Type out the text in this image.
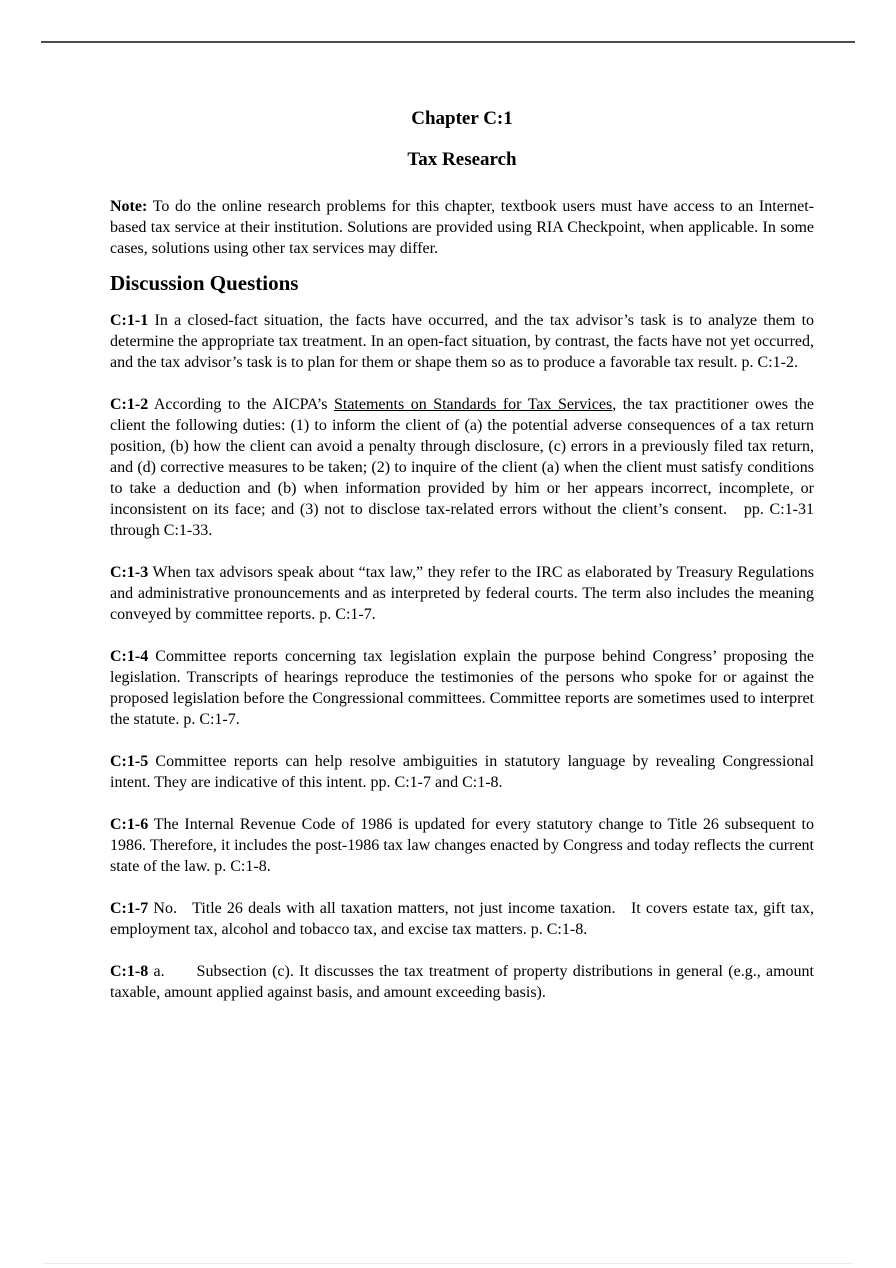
Chapter C:1
Tax Research

Note: To do the online research problems for this chapter, textbook users must have access to an Internet-based tax service at their institution. Solutions are provided using RIA Checkpoint, when applicable. In some cases, solutions using other tax services may differ.

Discussion Questions

C:1-1 In a closed-fact situation, the facts have occurred, and the tax advisor’s task is to analyze them to determine the appropriate tax treatment. In an open-fact situation, by contrast, the facts have not yet occurred, and the tax advisor’s task is to plan for them or shape them so as to produce a favorable tax result. p. C:1-2.

C:1-2 According to the AICPA’s Statements on Standards for Tax Services, the tax practitioner owes the client the following duties: (1) to inform the client of (a) the potential adverse consequences of a tax return position, (b) how the client can avoid a penalty through disclosure, (c) errors in a previously filed tax return, and (d) corrective measures to be taken; (2) to inquire of the client (a) when the client must satisfy conditions to take a deduction and (b) when information provided by him or her appears incorrect, incomplete, or inconsistent on its face; and (3) not to disclose tax-related errors without the client’s consent.   pp. C:1-31 through C:1-33.

C:1-3 When tax advisors speak about “tax law,” they refer to the IRC as elaborated by Treasury Regulations and administrative pronouncements and as interpreted by federal courts. The term also includes the meaning conveyed by committee reports. p. C:1-7.

C:1-4 Committee reports concerning tax legislation explain the purpose behind Congress’ proposing the legislation. Transcripts of hearings reproduce the testimonies of the persons who spoke for or against the proposed legislation before the Congressional committees. Committee reports are sometimes used to interpret the statute. p. C:1-7.

C:1-5 Committee reports can help resolve ambiguities in statutory language by revealing Congressional intent. They are indicative of this intent. pp. C:1-7 and C:1-8.

C:1-6 The Internal Revenue Code of 1986 is updated for every statutory change to Title 26 subsequent to 1986. Therefore, it includes the post-1986 tax law changes enacted by Congress and today reflects the current state of the law. p. C:1-8.

C:1-7 No.   Title 26 deals with all taxation matters, not just income taxation.   It covers estate tax, gift tax, employment tax, alcohol and tobacco tax, and excise tax matters. p. C:1-8.

C:1-8 a.      Subsection (c). It discusses the tax treatment of property distributions in general (e.g., amount taxable, amount applied against basis, and amount exceeding basis).
